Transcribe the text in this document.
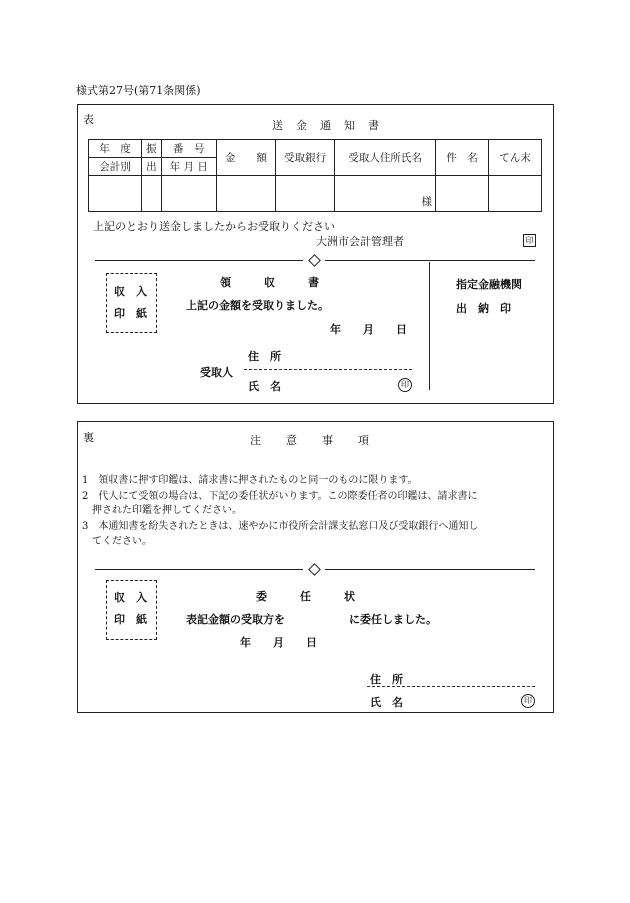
様式第27号(第71条関係)
表	送　金　通　知　書
年　度	振	番　号	金　　額	受取銀行	受取人住所氏名	件　名	てん末
会計別	出	年 月 日					
					様		
上記のとおり送金しましたからお受取りください
大洲市会計管理者	印
収　入
印　紙
領　　　収　　　書
上記の金額を受取りました。
年　　月　　日
住　所
受取人
氏　名	印
指定金融機関
出　納　印
裏	注　　意　　事　　項
1　領収書に押す印鑑は、請求書に押されたものと同一のものに限ります。
2　代人にて受領の場合は、下記の委任状がいります。この際委任者の印鑑は、請求書に
　押された印鑑を押してください。
3　本通知書を紛失されたときは、速やかに市役所会計課支払窓口及び受取銀行へ通知し
　てください。
収　入
印　紙
委　　　任　　　状
表記金額の受取方を	に委任しました。
年　　月　　日
住　所
氏　名	印
